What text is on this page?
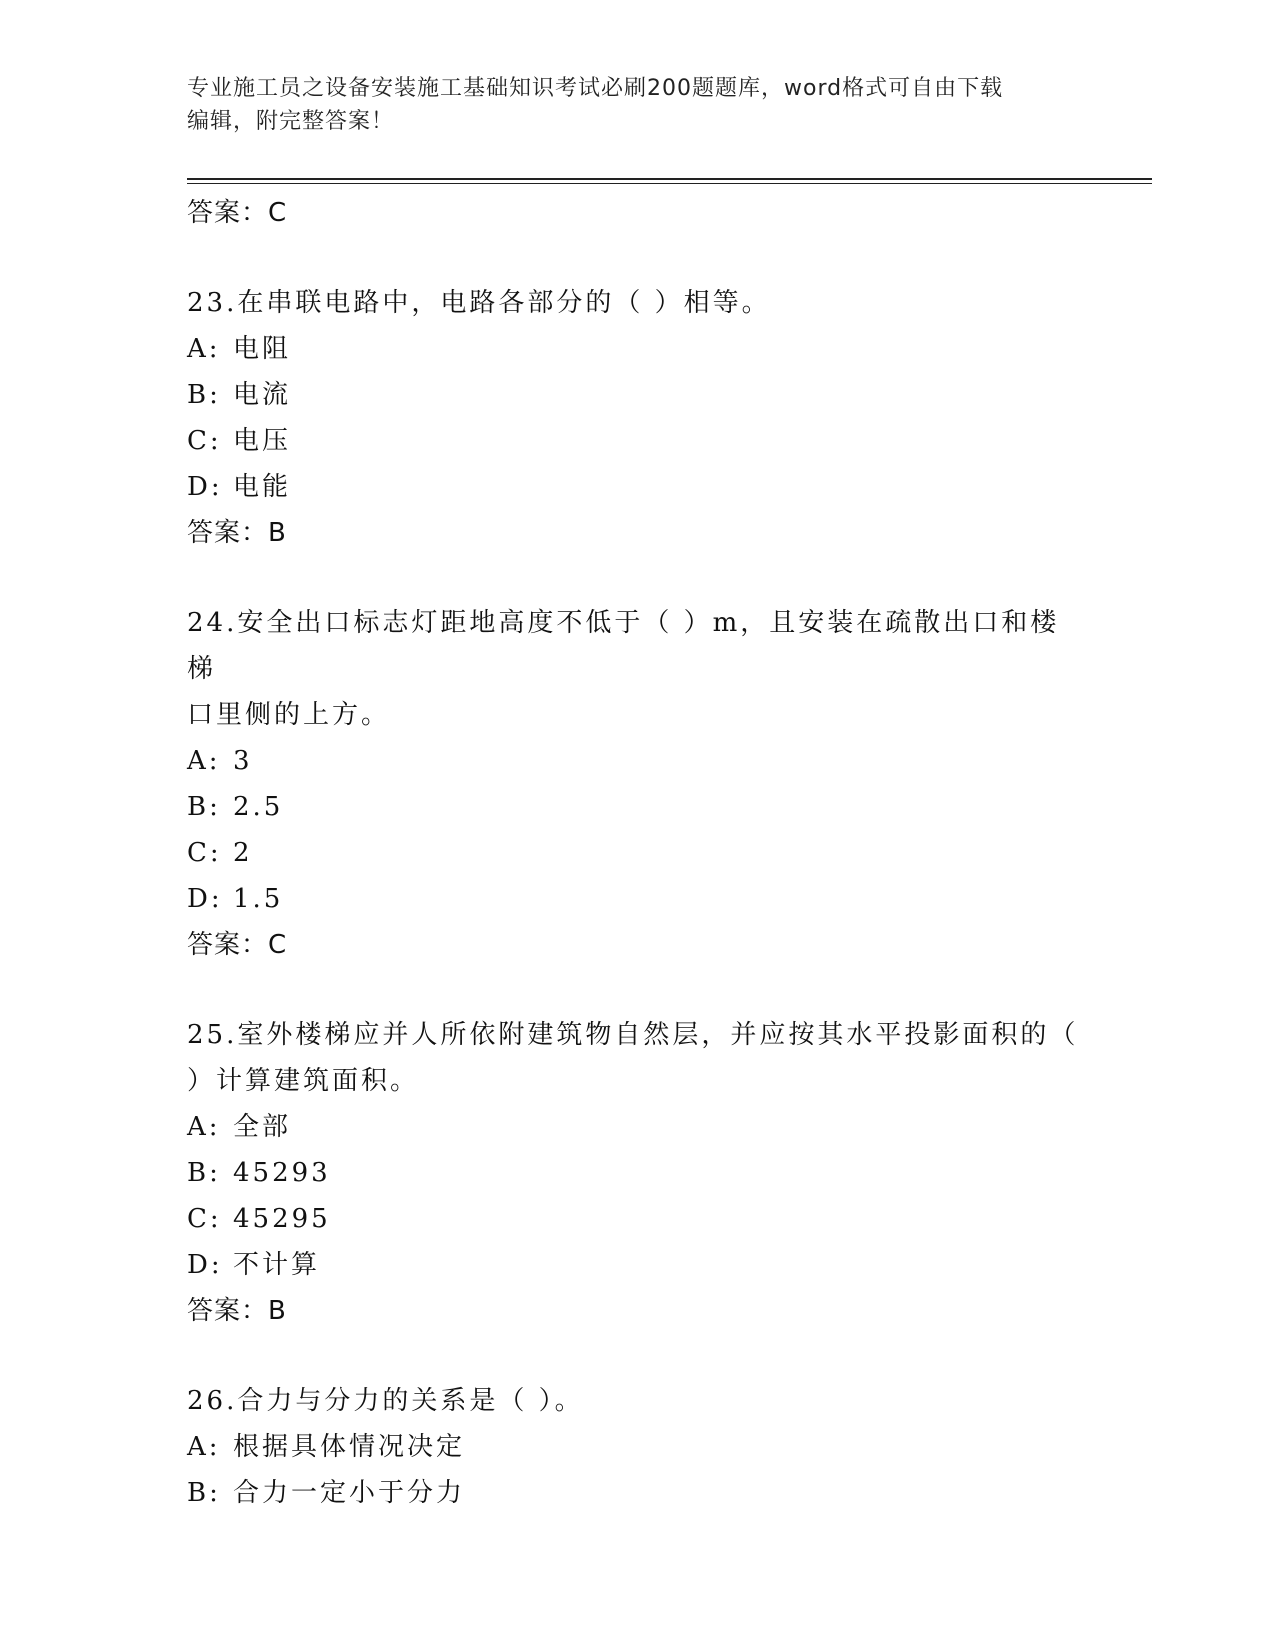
专业施工员之设备安装施工基础知识考试必刷200题题库，word格式可自由下载
编辑，附完整答案！
答案：C
23.在串联电路中，电路各部分的（ ）相等。
A: 电阻
B: 电流
C: 电压
D: 电能
答案：B
24.安全出口标志灯距地高度不低于（ ）m，且安装在疏散出口和楼梯
口里侧的上方。
A: 3
B: 2.5
C: 2
D: 1.5
答案：C
25.室外楼梯应并人所依附建筑物自然层，并应按其水平投影面积的（
）计算建筑面积。
A: 全部
B: 45293
C: 45295
D: 不计算
答案：B
26.合力与分力的关系是（ ）。
A: 根据具体情况决定
B: 合力一定小于分力
